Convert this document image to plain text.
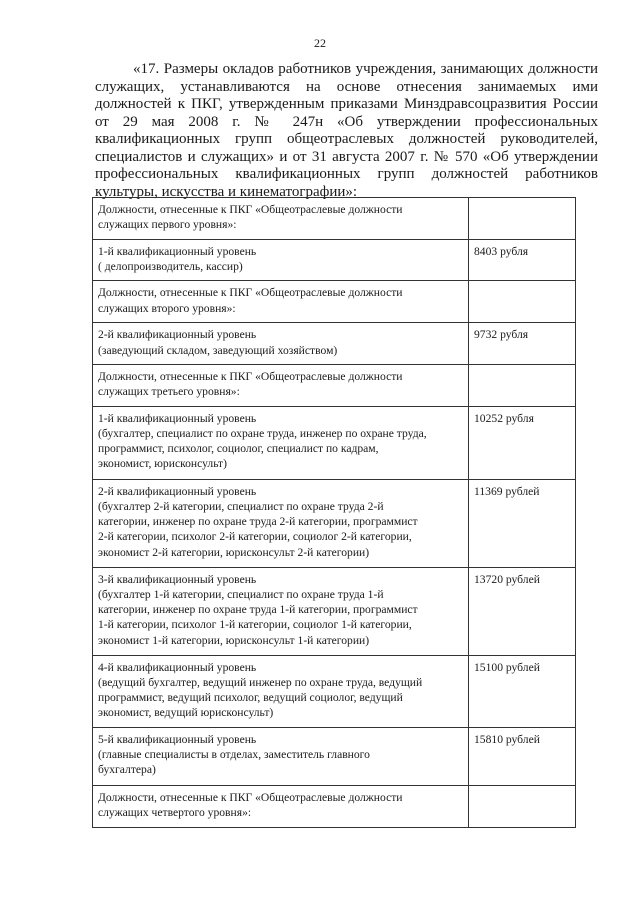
22

«17. Размеры окладов работников учреждения, занимающих должности служащих, устанавливаются на основе отнесения занимаемых ими должностей к ПКГ, утвержденным приказами Минздравсоцразвития России от 29 мая 2008 г. № 247н «Об утверждении профессиональных квалификационных групп общеотраслевых должностей руководителей, специалистов и служащих» и от 31 августа 2007 г. № 570 «Об утверждении профессиональных квалификационных групп должностей работников культуры, искусства и кинематографии»:

Должности, отнесенные к ПКГ «Общеотраслевые должности
служащих первого уровня»:	

1-й квалификационный уровень
( делопроизводитель, кассир)	8403 рубля

Должности, отнесенные к ПКГ «Общеотраслевые должности
служащих второго уровня»:	

2-й квалификационный уровень
(заведующий складом, заведующий хозяйством)	9732 рубля

Должности, отнесенные к ПКГ «Общеотраслевые должности
служащих третьего уровня»:	

1-й квалификационный уровень
(бухгалтер, специалист по охране труда, инженер по охране труда,
программист, психолог, социолог, специалист по кадрам,
экономист, юрисконсульт)	10252 рубля

2-й квалификационный уровень
(бухгалтер 2-й категории, специалист по охране труда 2-й
категории, инженер по охране труда 2-й категории, программист
2-й категории, психолог 2-й категории, социолог 2-й категории,
экономист 2-й категории, юрисконсульт 2-й категории)	11369 рублей

3-й квалификационный уровень
(бухгалтер 1-й категории, специалист по охране труда 1-й
категории, инженер по охране труда 1-й категории, программист
1-й категории, психолог 1-й категории, социолог 1-й категории,
экономист 1-й категории, юрисконсульт 1-й категории)	13720 рублей

4-й квалификационный уровень
(ведущий бухгалтер, ведущий инженер по охране труда, ведущий
программист, ведущий психолог, ведущий социолог, ведущий
экономист, ведущий юрисконсульт)	15100 рублей

5-й квалификационный уровень
(главные специалисты в отделах, заместитель главного
бухгалтера)	15810 рублей

Должности, отнесенные к ПКГ «Общеотраслевые должности
служащих четвертого уровня»:	
